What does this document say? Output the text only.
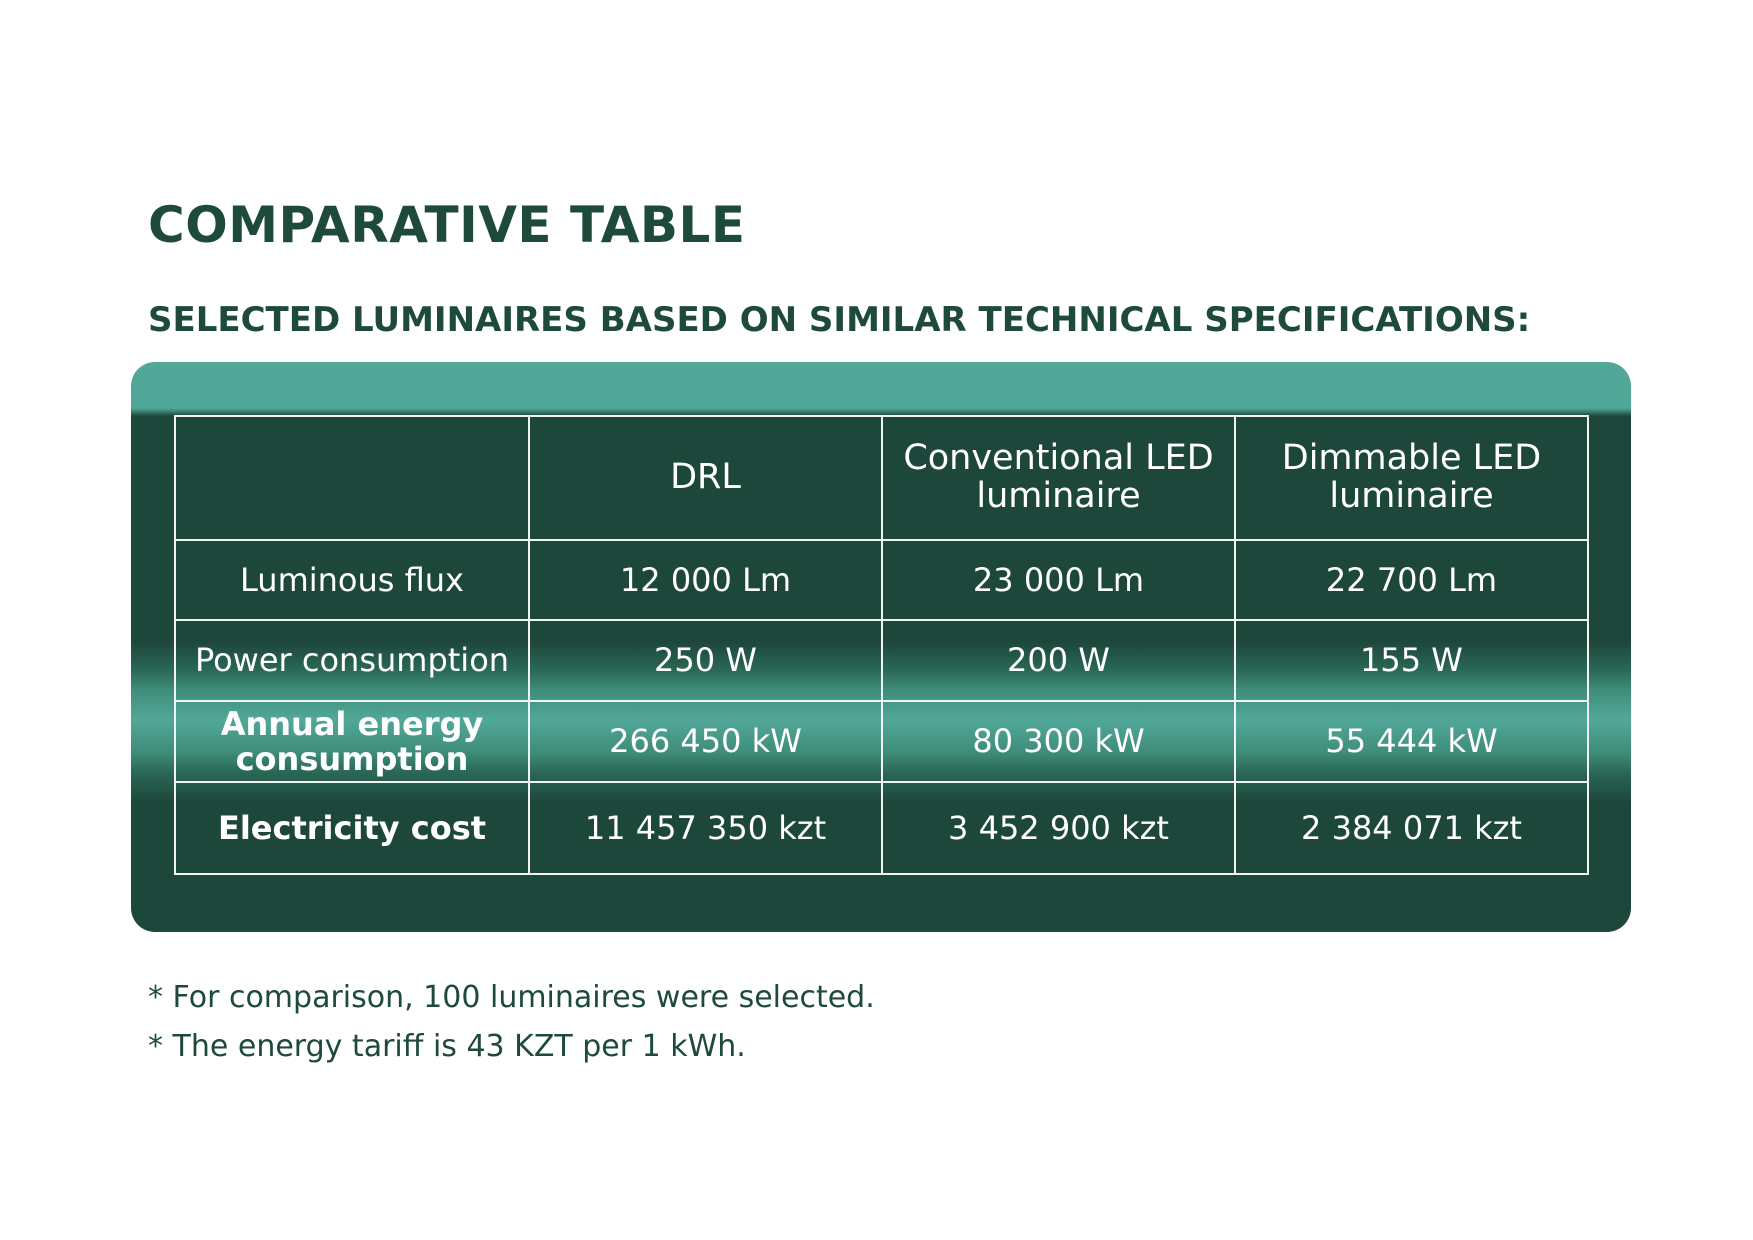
COMPARATIVE TABLE
SELECTED LUMINAIRES BASED ON SIMILAR TECHNICAL SPECIFICATIONS:
	DRL	Conventional LED luminaire	Dimmable LED luminaire
Luminous flux	12 000 Lm	23 000 Lm	22 700 Lm
Power consumption	250 W	200 W	155 W
Annual energy consumption	266 450 kW	80 300 kW	55 444 kW
Electricity cost	11 457 350 kzt	3 452 900 kzt	2 384 071 kzt
* For comparison, 100 luminaires were selected.
* The energy tariff is 43 KZT per 1 kWh.
